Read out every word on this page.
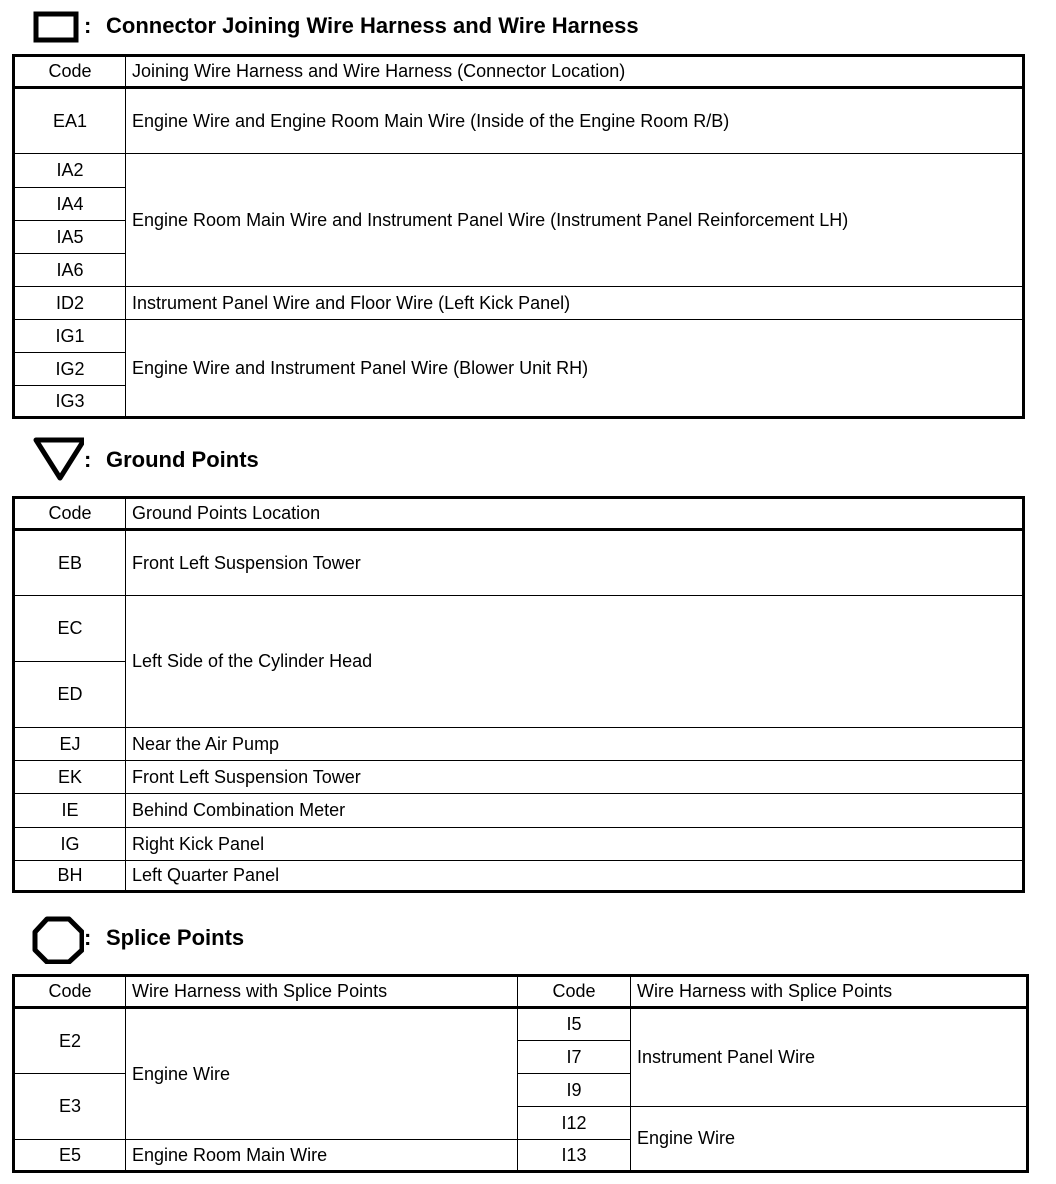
: Connector Joining Wire Harness and Wire Harness
Code	Joining Wire Harness and Wire Harness (Connector Location)
EA1	Engine Wire and Engine Room Main Wire (Inside of the Engine Room R/B)
IA2	Engine Room Main Wire and Instrument Panel Wire (Instrument Panel Reinforcement LH)
IA4	
IA5	
IA6	
ID2	Instrument Panel Wire and Floor Wire (Left Kick Panel)
IG1	Engine Wire and Instrument Panel Wire (Blower Unit RH)
IG2	
IG3	
: Ground Points
Code	Ground Points Location
EB	Front Left Suspension Tower
EC	Left Side of the Cylinder Head
ED	
EJ	Near the Air Pump
EK	Front Left Suspension Tower
IE	Behind Combination Meter
IG	Right Kick Panel
BH	Left Quarter Panel
: Splice Points
Code	Wire Harness with Splice Points	Code	Wire Harness with Splice Points
E2	Engine Wire	I5	Instrument Panel Wire
		I7	
E3		I9	
		I12	Engine Wire
E5	Engine Room Main Wire	I13	
